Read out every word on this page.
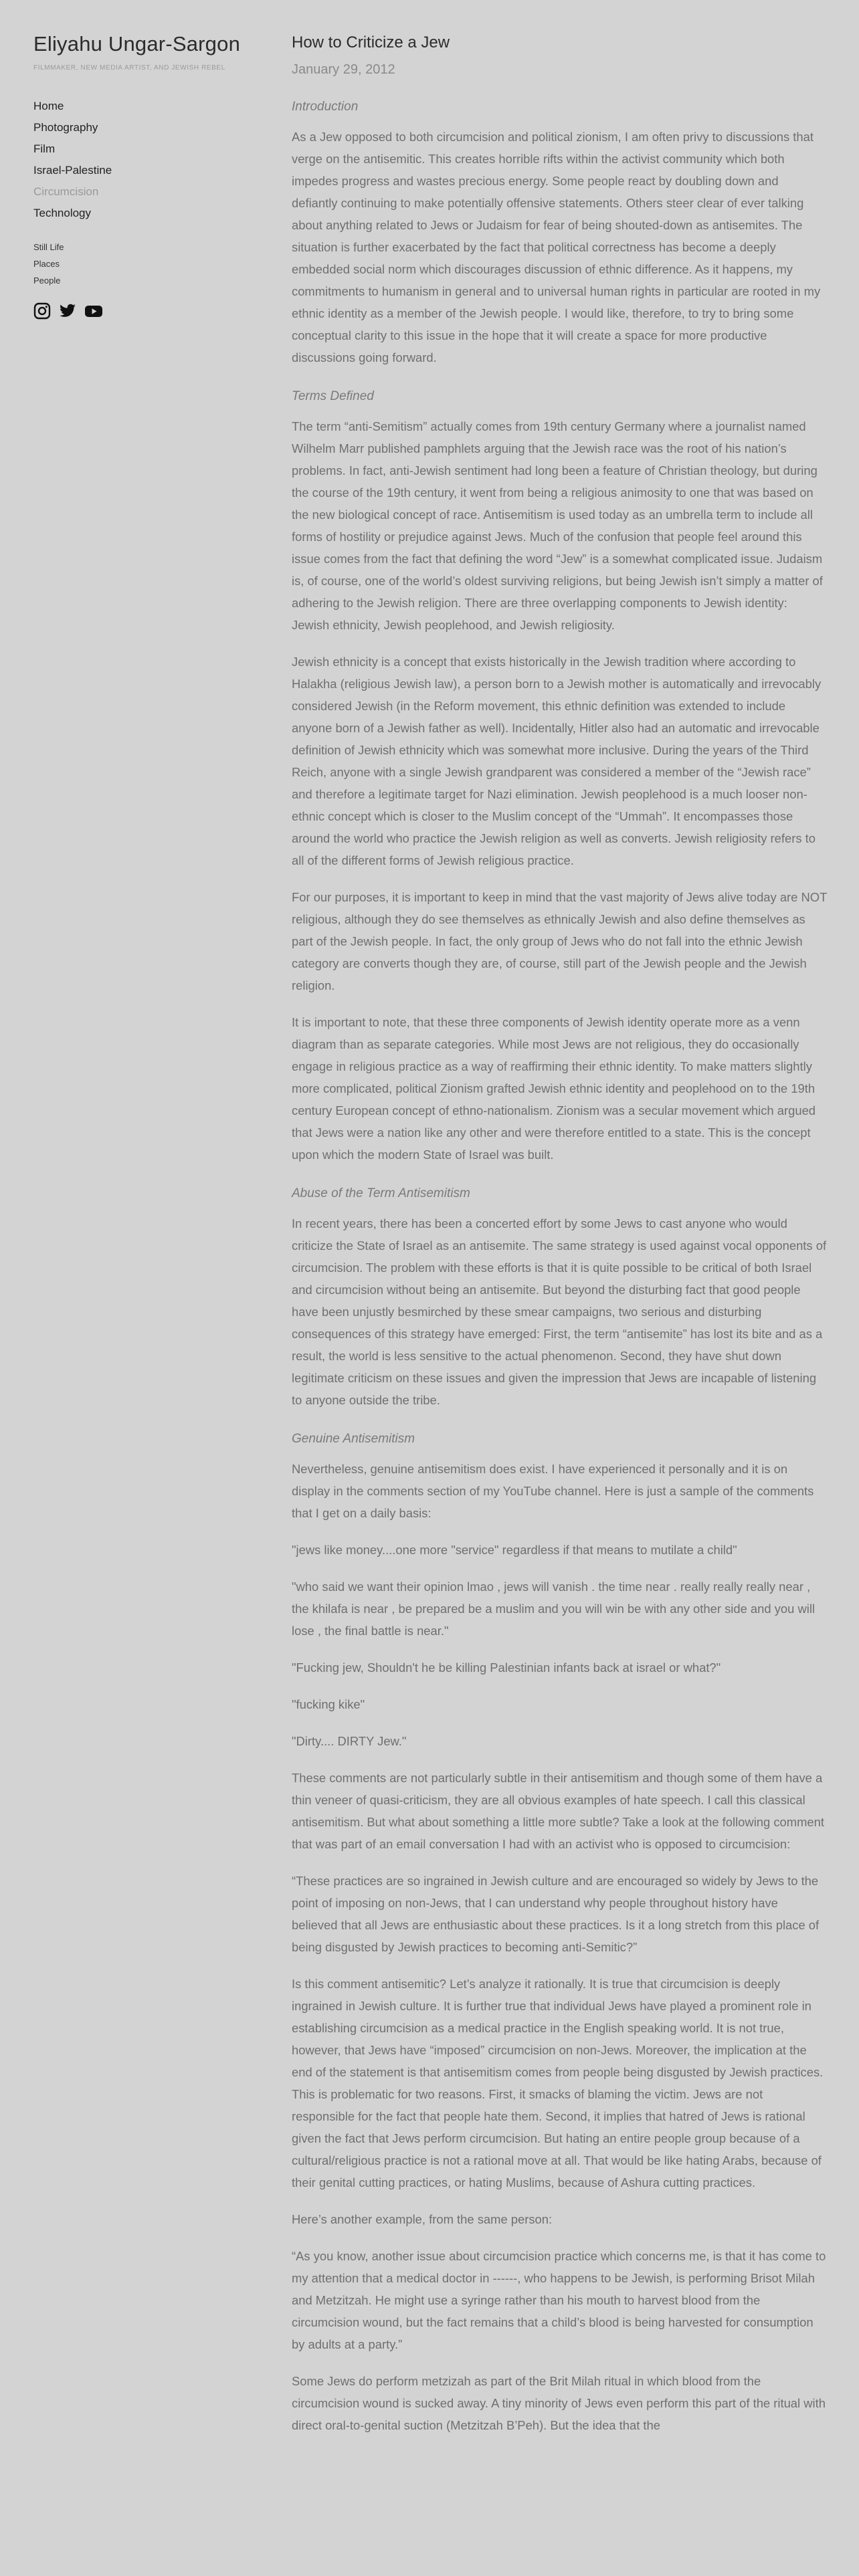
Eliyahu Ungar-Sargon
FILMMAKER, NEW MEDIA ARTIST, AND JEWISH REBEL
Home
Photography
Film
Israel-Palestine
Circumcision
Technology
Still Life
Places
People
How to Criticize a Jew
January 29, 2012
Introduction

As a Jew opposed to both circumcision and political zionism, I am often privy to discussions that verge on the antisemitic. This creates horrible rifts within the activist community which both impedes progress and wastes precious energy. Some people react by doubling down and defiantly continuing to make potentially offensive statements. Others steer clear of ever talking about anything related to Jews or Judaism for fear of being shouted-down as antisemites. The situation is further exacerbated by the fact that political correctness has become a deeply embedded social norm which discourages discussion of ethnic difference. As it happens, my commitments to humanism in general and to universal human rights in particular are rooted in my ethnic identity as a member of the Jewish people. I would like, therefore, to try to bring some conceptual clarity to this issue in the hope that it will create a space for more productive discussions going forward.

Terms Defined

The term “anti-Semitism” actually comes from 19th century Germany where a journalist named Wilhelm Marr published pamphlets arguing that the Jewish race was the root of his nation’s problems. In fact, anti-Jewish sentiment had long been a feature of Christian theology, but during the course of the 19th century, it went from being a religious animosity to one that was based on the new biological concept of race. Antisemitism is used today as an umbrella term to include all forms of hostility or prejudice against Jews. Much of the confusion that people feel around this issue comes from the fact that defining the word “Jew” is a somewhat complicated issue. Judaism is, of course, one of the world’s oldest surviving religions, but being Jewish isn’t simply a matter of adhering to the Jewish religion. There are three overlapping components to Jewish identity: Jewish ethnicity, Jewish peoplehood, and Jewish religiosity.

Jewish ethnicity is a concept that exists historically in the Jewish tradition where according to Halakha (religious Jewish law), a person born to a Jewish mother is automatically and irrevocably considered Jewish (in the Reform movement, this ethnic definition was extended to include anyone born of a Jewish father as well). Incidentally, Hitler also had an automatic and irrevocable definition of Jewish ethnicity which was somewhat more inclusive. During the years of the Third Reich, anyone with a single Jewish grandparent was considered a member of the “Jewish race” and therefore a legitimate target for Nazi elimination. Jewish peoplehood is a much looser non-ethnic concept which is closer to the Muslim concept of the “Ummah”. It encompasses those around the world who practice the Jewish religion as well as converts. Jewish religiosity refers to all of the different forms of Jewish religious practice.

For our purposes, it is important to keep in mind that the vast majority of Jews alive today are NOT religious, although they do see themselves as ethnically Jewish and also define themselves as part of the Jewish people. In fact, the only group of Jews who do not fall into the ethnic Jewish category are converts though they are, of course, still part of the Jewish people and the Jewish religion.

It is important to note, that these three components of Jewish identity operate more as a venn diagram than as separate categories. While most Jews are not religious, they do occasionally engage in religious practice as a way of reaffirming their ethnic identity. To make matters slightly more complicated, political Zionism grafted Jewish ethnic identity and peoplehood on to the 19th century European concept of ethno-nationalism. Zionism was a secular movement which argued that Jews were a nation like any other and were therefore entitled to a state. This is the concept upon which the modern State of Israel was built.

Abuse of the Term Antisemitism

In recent years, there has been a concerted effort by some Jews to cast anyone who would criticize the State of Israel as an antisemite. The same strategy is used against vocal opponents of circumcision. The problem with these efforts is that it is quite possible to be critical of both Israel and circumcision without being an antisemite. But beyond the disturbing fact that good people have been unjustly besmirched by these smear campaigns, two serious and disturbing consequences of this strategy have emerged: First, the term “antisemite” has lost its bite and as a result, the world is less sensitive to the actual phenomenon. Second, they have shut down legitimate criticism on these issues and given the impression that Jews are incapable of listening to anyone outside the tribe.

Genuine Antisemitism

Nevertheless, genuine antisemitism does exist. I have experienced it personally and it is on display in the comments section of my YouTube channel. Here is just a sample of the comments that I get on a daily basis:

"jews like money....one more "service" regardless if that means to mutilate a child"

"who said we want their opinion lmao , jews will vanish . the time near . really really really near , the khilafa is near , be prepared be a muslim and you will win be with any other side and you will lose , the final battle is near."

"Fucking jew, Shouldn't he be killing Palestinian infants back at israel or what?"

"fucking kike"

"Dirty.... DIRTY Jew."

These comments are not particularly subtle in their antisemitism and though some of them have a thin veneer of quasi-criticism, they are all obvious examples of hate speech. I call this classical antisemitism. But what about something a little more subtle? Take a look at the following comment that was part of an email conversation I had with an activist who is opposed to circumcision:

“These practices are so ingrained in Jewish culture and are encouraged so widely by Jews to the point of imposing on non-Jews, that I can understand why people throughout history have believed that all Jews are enthusiastic about these practices. Is it a long stretch from this place of being disgusted by Jewish practices to becoming anti-Semitic?”

Is this comment antisemitic? Let’s analyze it rationally. It is true that circumcision is deeply ingrained in Jewish culture. It is further true that individual Jews have played a prominent role in establishing circumcision as a medical practice in the English speaking world. It is not true, however, that Jews have “imposed” circumcision on non-Jews. Moreover, the implication at the end of the statement is that antisemitism comes from people being disgusted by Jewish practices. This is problematic for two reasons. First, it smacks of blaming the victim. Jews are not responsible for the fact that people hate them. Second, it implies that hatred of Jews is rational given the fact that Jews perform circumcision. But hating an entire people group because of a cultural/religious practice is not a rational move at all. That would be like hating Arabs, because of their genital cutting practices, or hating Muslims, because of Ashura cutting practices.

Here’s another example, from the same person:

“As you know, another issue about circumcision practice which concerns me, is that it has come to my attention that a medical doctor in ------, who happens to be Jewish, is performing Brisot Milah and Metzitzah. He might use a syringe rather than his mouth to harvest blood from the circumcision wound, but the fact remains that a child’s blood is being harvested for consumption by adults at a party.”

Some Jews do perform metzizah as part of the Brit Milah ritual in which blood from the circumcision wound is sucked away. A tiny minority of Jews even perform this part of the ritual with direct oral-to-genital suction (Metzitzah B’Peh). But the idea that the
